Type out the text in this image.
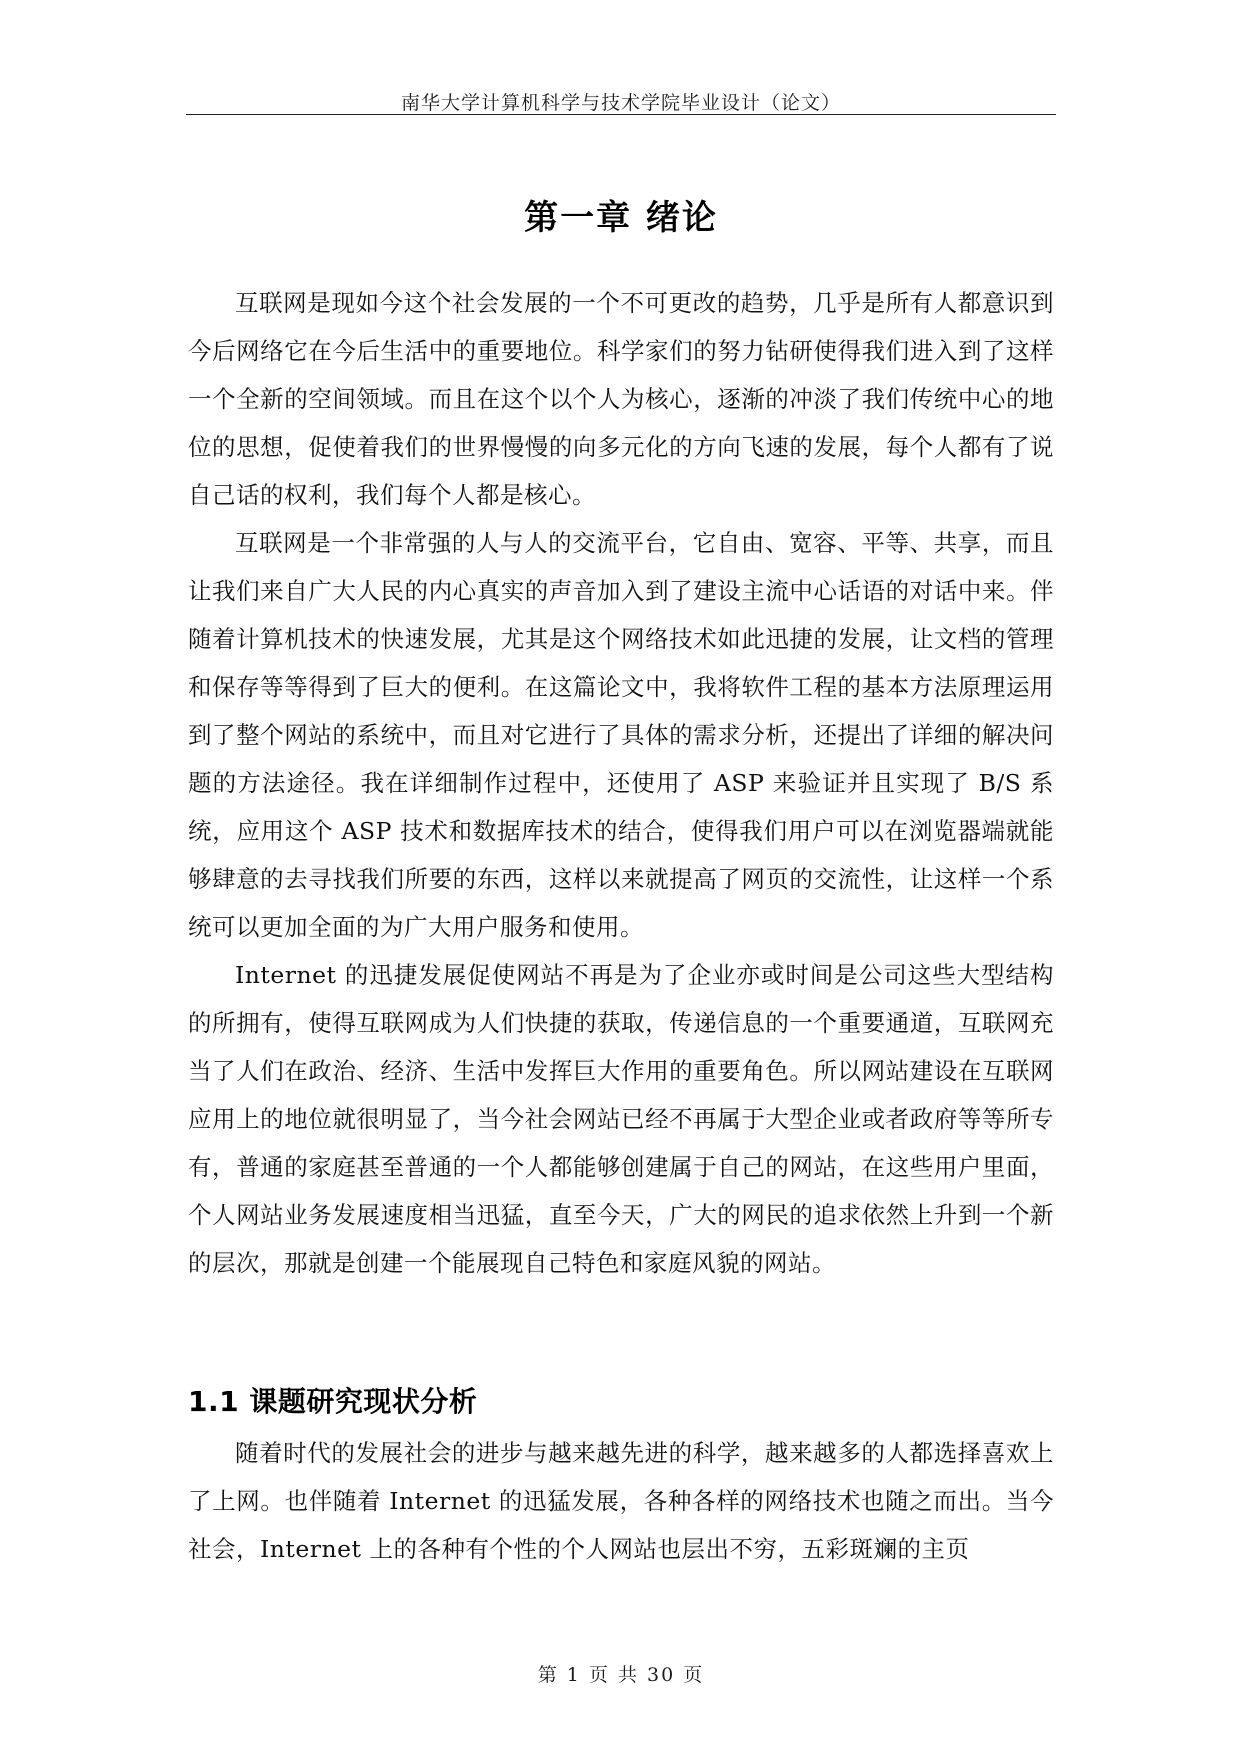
南华大学计算机科学与技术学院毕业设计（论文）
第一章 绪论

互联网是现如今这个社会发展的一个不可更改的趋势，几乎是所有人都意识到今后网络它在今后生活中的重要地位。科学家们的努力钻研使得我们进入到了这样一个全新的空间领域。而且在这个以个人为核心，逐渐的冲淡了我们传统中心的地位的思想，促使着我们的世界慢慢的向多元化的方向飞速的发展，每个人都有了说自己话的权利，我们每个人都是核心。

互联网是一个非常强的人与人的交流平台，它自由、宽容、平等、共享，而且让我们来自广大人民的内心真实的声音加入到了建设主流中心话语的对话中来。伴随着计算机技术的快速发展，尤其是这个网络技术如此迅捷的发展，让文档的管理和保存等等得到了巨大的便利。在这篇论文中，我将软件工程的基本方法原理运用到了整个网站的系统中，而且对它进行了具体的需求分析，还提出了详细的解决问题的方法途径。我在详细制作过程中，还使用了 ASP 来验证并且实现了 B/S 系统，应用这个 ASP 技术和数据库技术的结合，使得我们用户可以在浏览器端就能够肆意的去寻找我们所要的东西，这样以来就提高了网页的交流性，让这样一个系统可以更加全面的为广大用户服务和使用。

Internet 的迅捷发展促使网站不再是为了企业亦或时间是公司这些大型结构的所拥有，使得互联网成为人们快捷的获取，传递信息的一个重要通道，互联网充当了人们在政治、经济、生活中发挥巨大作用的重要角色。所以网站建设在互联网应用上的地位就很明显了，当今社会网站已经不再属于大型企业或者政府等等所专有，普通的家庭甚至普通的一个人都能够创建属于自己的网站，在这些用户里面，个人网站业务发展速度相当迅猛，直至今天，广大的网民的追求依然上升到一个新的层次，那就是创建一个能展现自己特色和家庭风貌的网站。

1.1 课题研究现状分析

随着时代的发展社会的进步与越来越先进的科学，越来越多的人都选择喜欢上了上网。也伴随着 Internet 的迅猛发展，各种各样的网络技术也随之而出。当今社会，Internet 上的各种有个性的个人网站也层出不穷，五彩斑斓的主页

第 1 页 共 30 页
